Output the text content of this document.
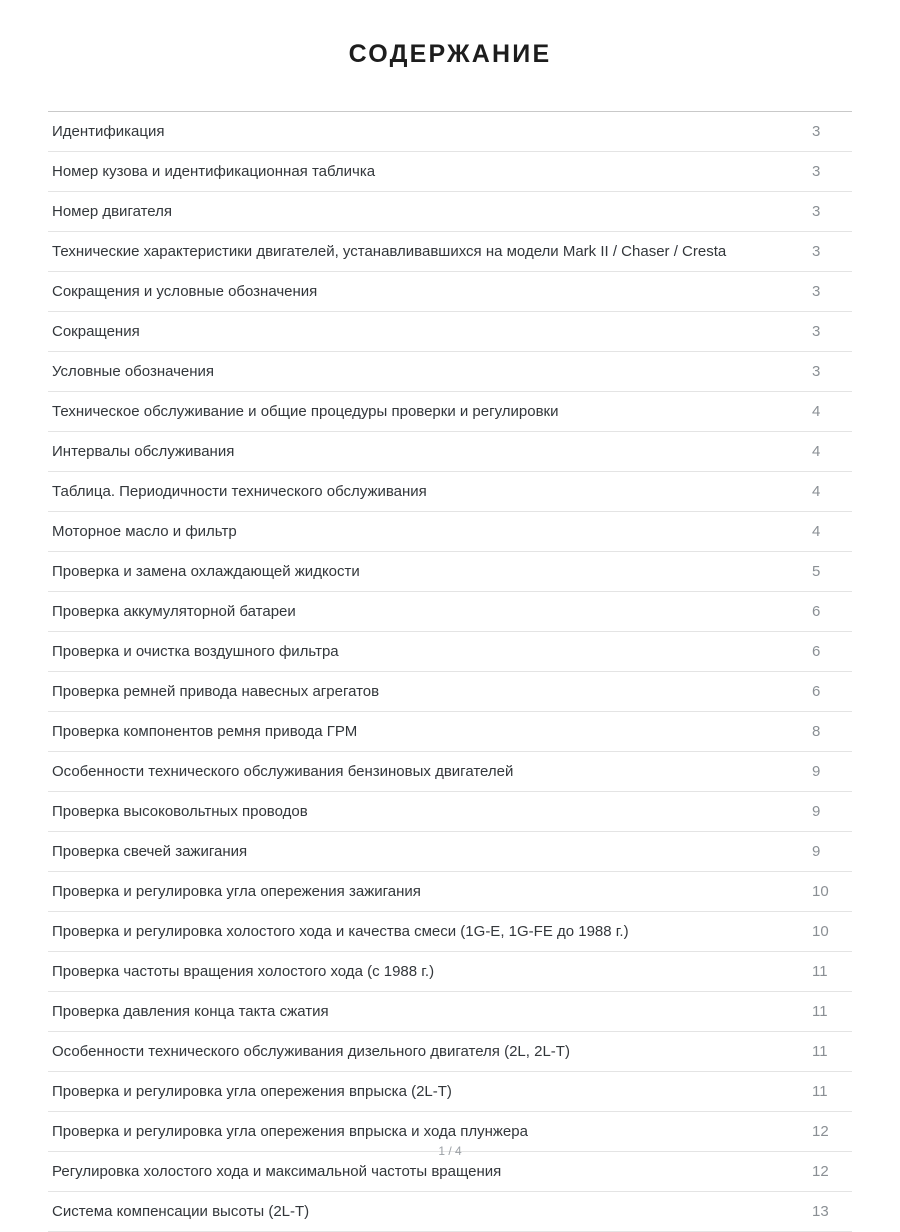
СОДЕРЖАНИЕ
Идентификация	3
Номер кузова и идентификационная табличка	3
Номер двигателя	3
Технические характеристики двигателей, устанавливавшихся на модели Mark II / Chaser / Cresta	3
Сокращения и условные обозначения	3
Сокращения	3
Условные обозначения	3
Техническое обслуживание и общие процедуры проверки и регулировки	4
Интервалы обслуживания	4
Таблица. Периодичности технического обслуживания	4
Моторное масло и фильтр	4
Проверка и замена охлаждающей жидкости	5
Проверка аккумуляторной батареи	6
Проверка и очистка воздушного фильтра	6
Проверка ремней привода навесных агрегатов	6
Проверка компонентов ремня привода ГРМ	8
Особенности технического обслуживания бензиновых двигателей	9
Проверка высоковольтных проводов	9
Проверка свечей зажигания	9
Проверка и регулировка угла опережения зажигания	10
Проверка и регулировка холостого хода и качества смеси (1G-E, 1G-FE до 1988 г.)	10
Проверка частоты вращения холостого хода (с 1988 г.)	11
Проверка давления конца такта сжатия	11
Особенности технического обслуживания дизельного двигателя (2L, 2L-T)	11
Проверка и регулировка угла опережения впрыска (2L-T)	11
Проверка и регулировка угла опережения впрыска и хода плунжера	12
Регулировка холостого хода и максимальной частоты вращения	12
Система компенсации высоты (2L-T)	13
1 / 4
